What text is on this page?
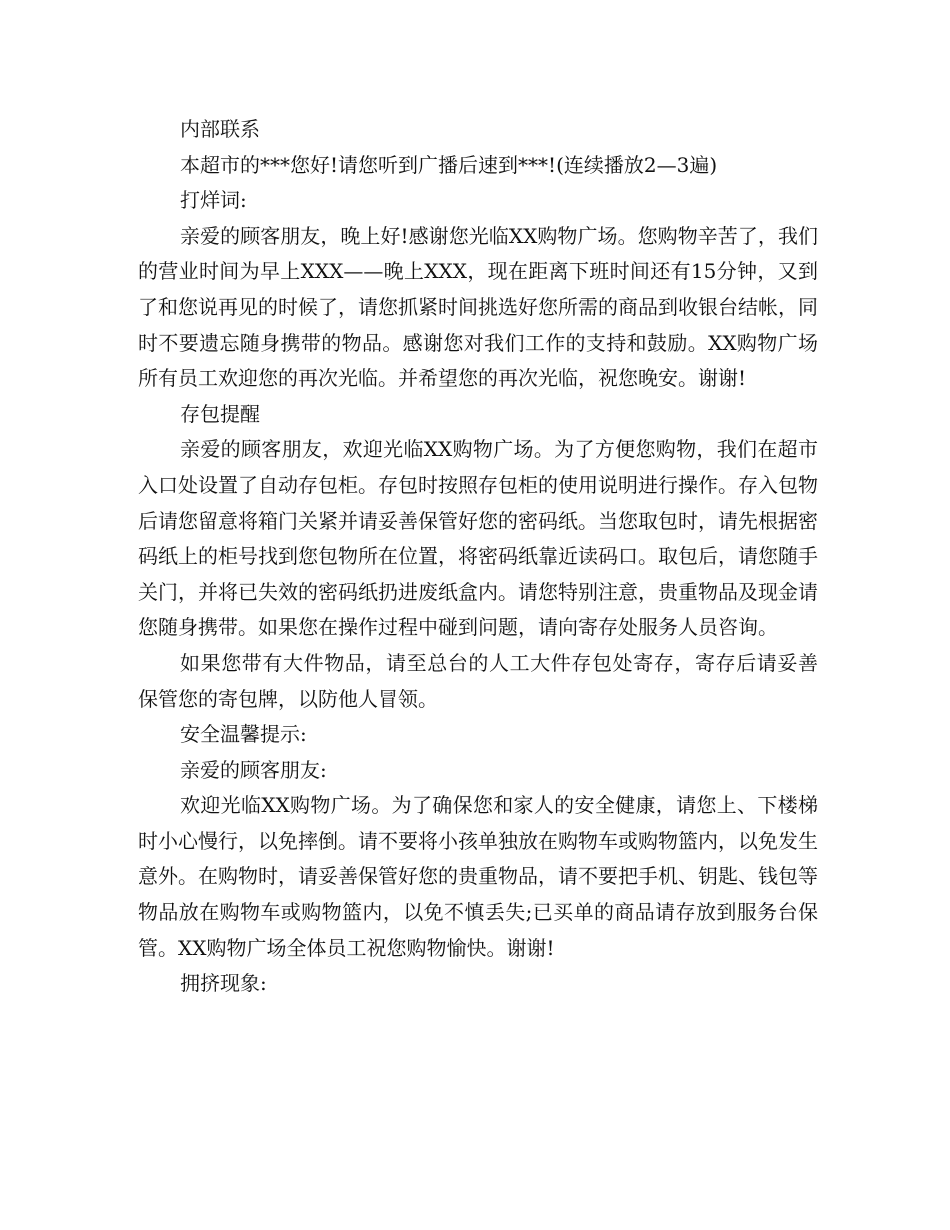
内部联系

本超市的***您好!请您听到广播后速到***!(连续播放2—3遍)

打烊词:

亲爱的顾客朋友，晚上好!感谢您光临XX购物广场。您购物辛苦了，我们的营业时间为早上XXX——晚上XXX，现在距离下班时间还有15分钟，又到了和您说再见的时候了，请您抓紧时间挑选好您所需的商品到收银台结帐，同时不要遗忘随身携带的物品。感谢您对我们工作的支持和鼓励。XX购物广场所有员工欢迎您的再次光临。并希望您的再次光临，祝您晚安。谢谢!

存包提醒

亲爱的顾客朋友，欢迎光临XX购物广场。为了方便您购物，我们在超市入口处设置了自动存包柜。存包时按照存包柜的使用说明进行操作。存入包物后请您留意将箱门关紧并请妥善保管好您的密码纸。当您取包时，请先根据密码纸上的柜号找到您包物所在位置，将密码纸靠近读码口。取包后，请您随手关门，并将已失效的密码纸扔进废纸盒内。请您特别注意，贵重物品及现金请您随身携带。如果您在操作过程中碰到问题，请向寄存处服务人员咨询。

如果您带有大件物品，请至总台的人工大件存包处寄存，寄存后请妥善保管您的寄包牌，以防他人冒领。

安全温馨提示:

亲爱的顾客朋友:

欢迎光临XX购物广场。为了确保您和家人的安全健康，请您上、下楼梯时小心慢行，以免摔倒。请不要将小孩单独放在购物车或购物篮内，以免发生意外。在购物时，请妥善保管好您的贵重物品，请不要把手机、钥匙、钱包等物品放在购物车或购物篮内，以免不慎丢失;已买单的商品请存放到服务台保管。XX购物广场全体员工祝您购物愉快。谢谢!

拥挤现象:
